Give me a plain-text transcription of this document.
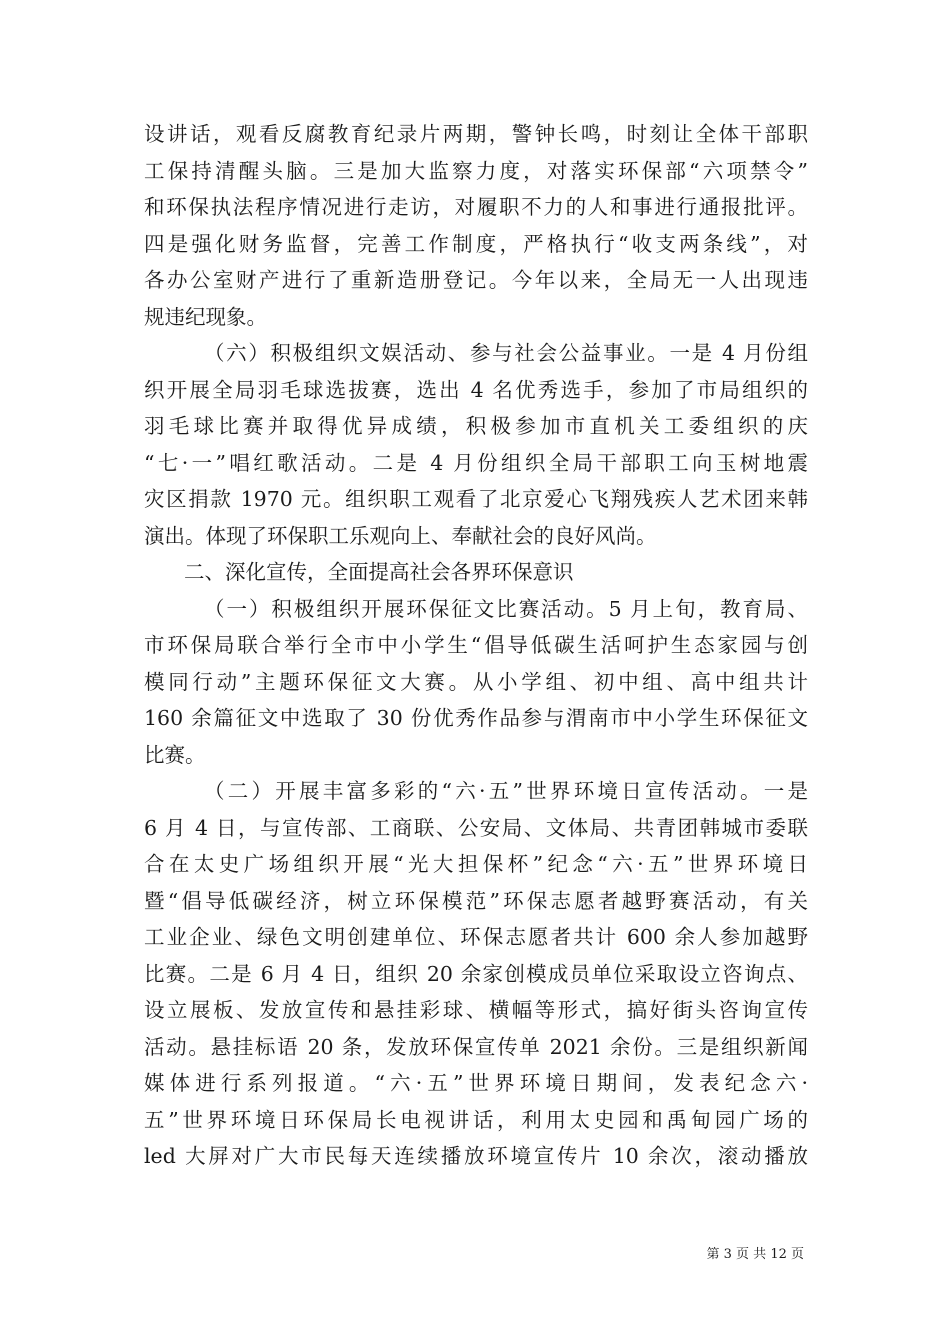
设讲话，观看反腐教育纪录片两期，警钟长鸣，时刻让全体干部职
工保持清醒头脑。三是加大监察力度，对落实环保部“六项禁令”
和环保执法程序情况进行走访，对履职不力的人和事进行通报批评。
四是强化财务监督，完善工作制度，严格执行“收支两条线”，对
各办公室财产进行了重新造册登记。今年以来，全局无一人出现违
规违纪现象。
（六）积极组织文娱活动、参与社会公益事业。一是 4 月份组
织开展全局羽毛球选拔赛，选出 4 名优秀选手，参加了市局组织的
羽毛球比赛并取得优异成绩，积极参加市直机关工委组织的庆
“七·一”唱红歌活动。二是 4 月份组织全局干部职工向玉树地震
灾区捐款 1970 元。组织职工观看了北京爱心飞翔残疾人艺术团来韩
演出。体现了环保职工乐观向上、奉献社会的良好风尚。
二、深化宣传，全面提高社会各界环保意识
（一）积极组织开展环保征文比赛活动。5 月上旬，教育局、
市环保局联合举行全市中小学生“倡导低碳生活呵护生态家园与创
模同行动”主题环保征文大赛。从小学组、初中组、高中组共计
160 余篇征文中选取了 30 份优秀作品参与渭南市中小学生环保征文
比赛。
（二）开展丰富多彩的“六·五”世界环境日宣传活动。一是
6 月 4 日，与宣传部、工商联、公安局、文体局、共青团韩城市委联
合在太史广场组织开展“光大担保杯”纪念“六·五”世界环境日
暨“倡导低碳经济，树立环保模范”环保志愿者越野赛活动，有关
工业企业、绿色文明创建单位、环保志愿者共计 600 余人参加越野
比赛。二是 6 月 4 日，组织 20 余家创模成员单位采取设立咨询点、
设立展板、发放宣传和悬挂彩球、横幅等形式，搞好街头咨询宣传
活动。悬挂标语 20 条，发放环保宣传单 2021 余份。三是组织新闻
媒体进行系列报道。“六·五”世界环境日期间，发表纪念六·
五”世界环境日环保局长电视讲话，利用太史园和禹甸园广场的
led 大屏对广大市民每天连续播放环境宣传片 10 余次，滚动播放
第 3 页 共 12 页
